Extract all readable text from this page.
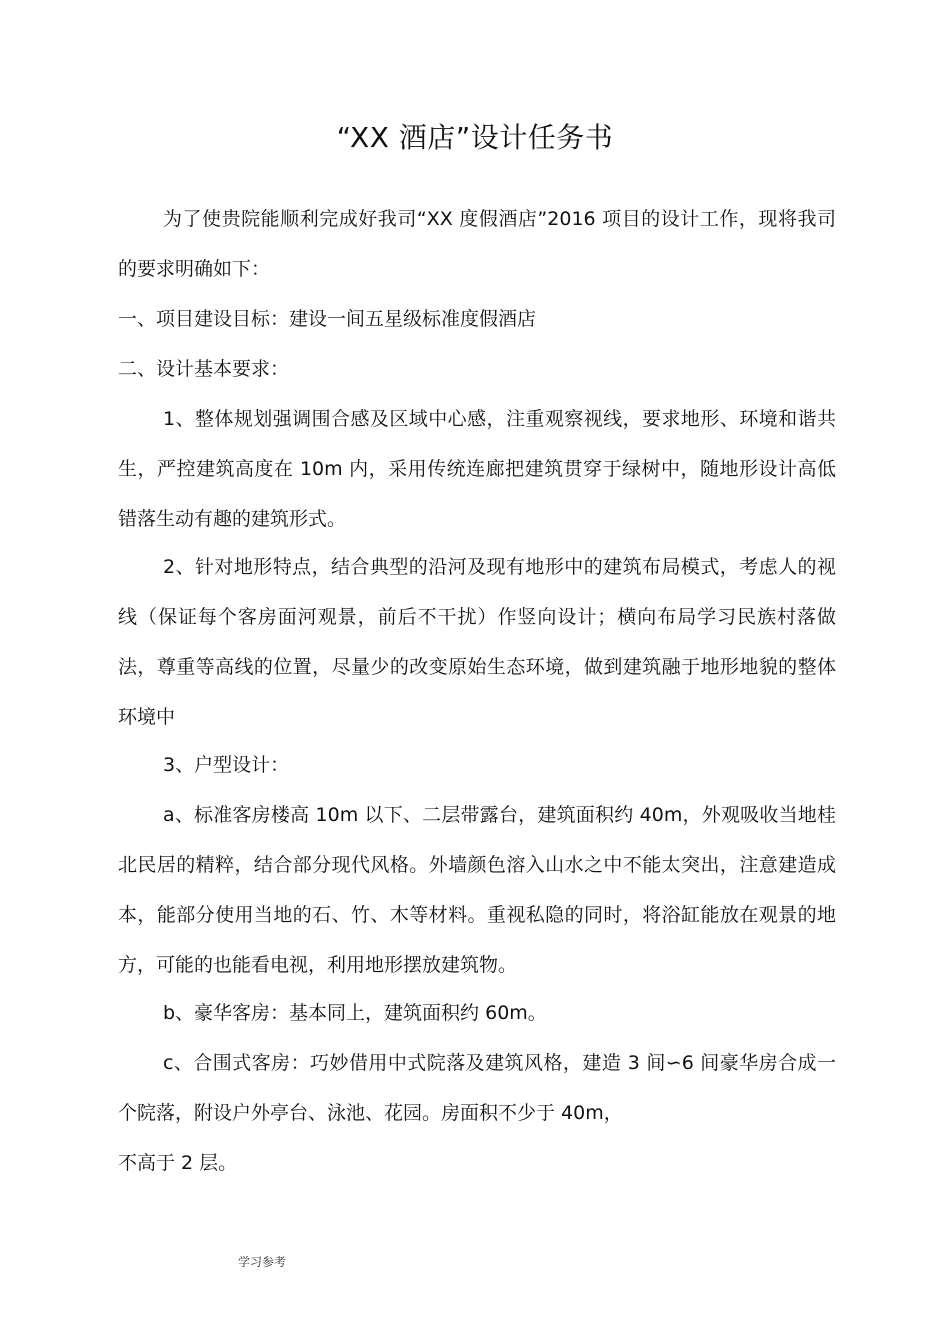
“XX 酒店”设计任务书

为了使贵院能顺利完成好我司“XX 度假酒店”2016 项目的设计工作，现将我司的要求明确如下：

一、项目建设目标：建设一间五星级标准度假酒店

二、设计基本要求：

1、整体规划强调围合感及区域中心感，注重观察视线，要求地形、环境和谐共生，严控建筑高度在 10m 内，采用传统连廊把建筑贯穿于绿树中，随地形设计高低错落生动有趣的建筑形式。

2、针对地形特点，结合典型的沿河及现有地形中的建筑布局模式，考虑人的视线（保证每个客房面河观景，前后不干扰）作竖向设计；横向布局学习民族村落做法，尊重等高线的位置，尽量少的改变原始生态环境，做到建筑融于地形地貌的整体环境中

3、户型设计：

a、标准客房楼高 10m 以下、二层带露台，建筑面积约 40m，外观吸收当地桂北民居的精粹，结合部分现代风格。外墙颜色溶入山水之中不能太突出，注意建造成本，能部分使用当地的石、竹、木等材料。重视私隐的同时，将浴缸能放在观景的地方，可能的也能看电视，利用地形摆放建筑物。

b、豪华客房：基本同上，建筑面积约 60m。

c、合围式客房：巧妙借用中式院落及建筑风格，建造 3 间∽6 间豪华房合成一个院落，附设户外亭台、泳池、花园。房面积不少于 40m，

不高于 2 层。

学习参考
